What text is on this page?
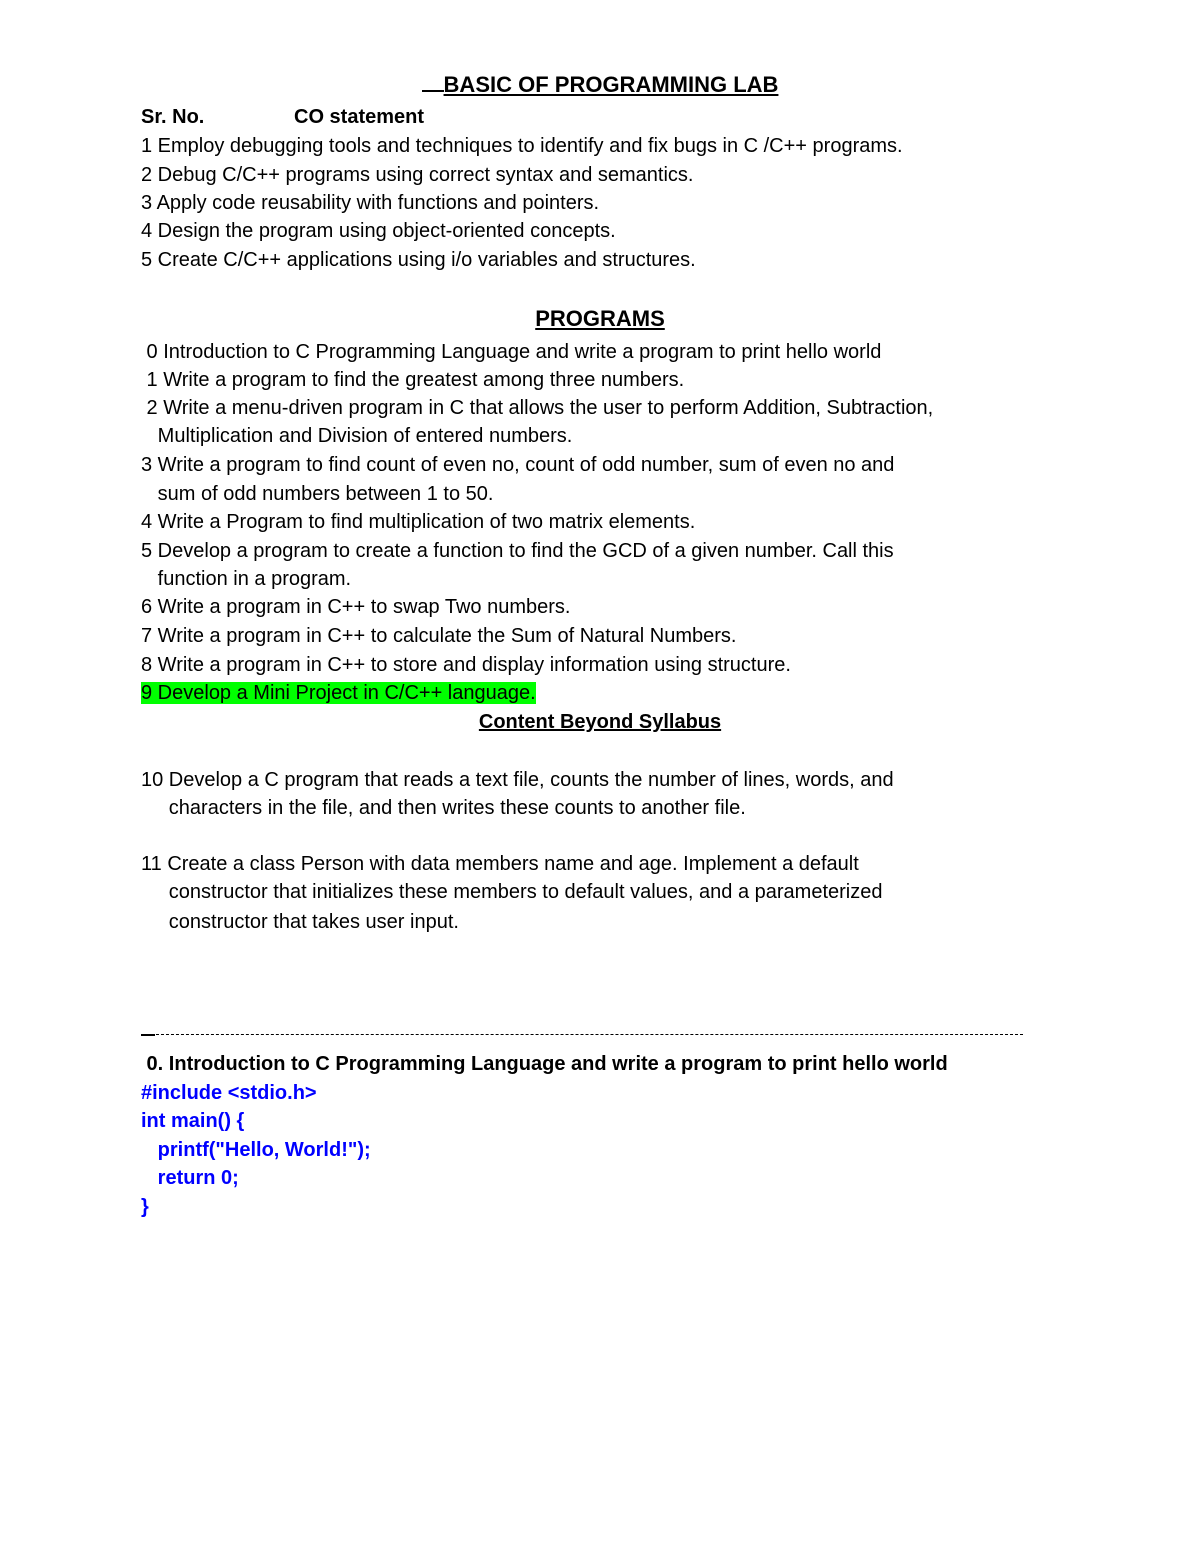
BASIC OF PROGRAMMING LAB
Sr. No.	CO statement
1 Employ debugging tools and techniques to identify and fix bugs in C /C++ programs.
2 Debug C/C++ programs using correct syntax and semantics.
3 Apply code reusability with functions and pointers.
4 Design the program using object-oriented concepts.
5 Create C/C++ applications using i/o variables and structures.
PROGRAMS
0 Introduction to C Programming Language and write a program to print hello world
1 Write a program to find the greatest among three numbers.
2 Write a menu-driven program in C that allows the user to perform Addition, Subtraction,
Multiplication and Division of entered numbers.
3 Write a program to find count of even no, count of odd number, sum of even no and
sum of odd numbers between 1 to 50.
4 Write a Program to find multiplication of two matrix elements.
5 Develop a program to create a function to find the GCD of a given number. Call this
function in a program.
6 Write a program in C++ to swap Two numbers.
7 Write a program in C++ to calculate the Sum of Natural Numbers.
8 Write a program in C++ to store and display information using structure.
9 Develop a Mini Project in C/C++ language.
Content Beyond Syllabus
10 Develop a C program that reads a text file, counts the number of lines, words, and
characters in the file, and then writes these counts to another file.
11 Create a class Person with data members name and age. Implement a default
constructor that initializes these members to default values, and a parameterized
constructor that takes user input.
0. Introduction to C Programming Language and write a program to print hello world
#include <stdio.h>
int main() {
printf("Hello, World!");
return 0;
}
